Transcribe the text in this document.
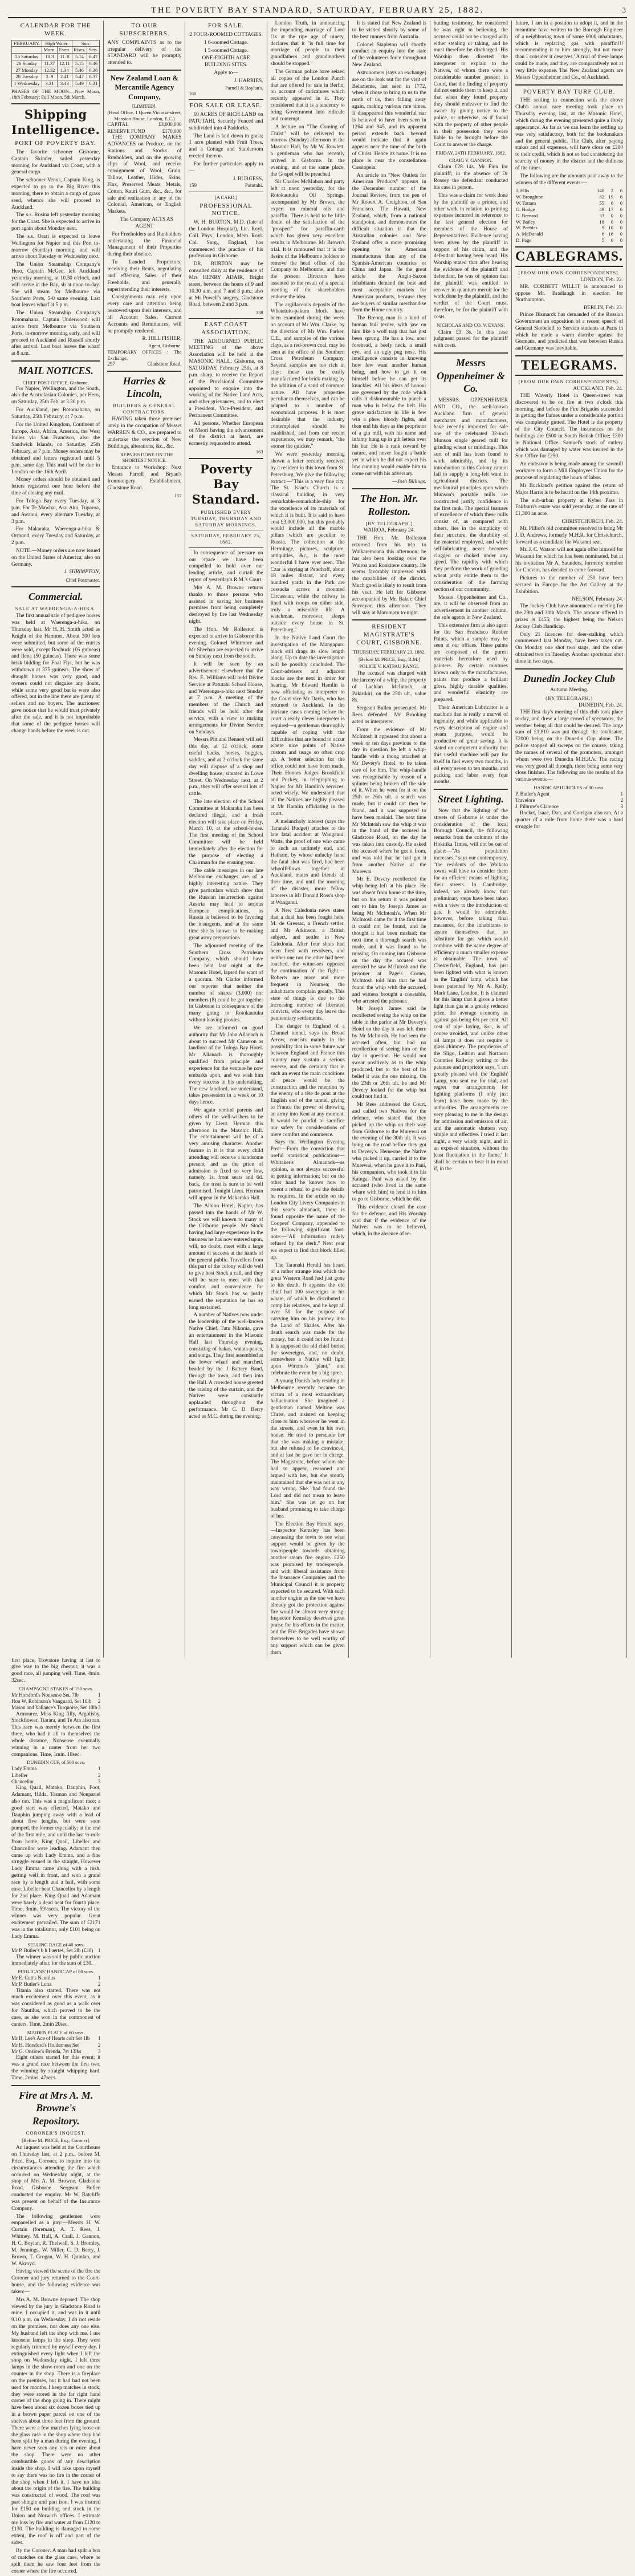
THE POVERTY BAY STANDARD, SATURDAY, FEBRUARY 25, 1882.	3
CALENDAR FOR THE WEEK.
FEBRUARY.	High Water.		Sun.	
	Morn.	Even.	Rises.	Sets.
25 Saturday	10.3	11. 0	5.14	6.47
26 Sunday	11.37	12.11	5.15	6.46
27 Monday	12.32	1.34	5.46	6.38
28 Tuesday	2. 9	2.41	5.47	6.37
1 Wednesday	3.31	3.43	5.49	6.31

PHASES OF THE MOON.—New Moon, 18th February; Full Moon, 5th March.

Shipping Intelligence.
PORT OF POVERTY BAY.

The favorite schooner Gisborne, Captain Skinner, sailed yesterday morning for Auckland via Coast, with a general cargo.

The schooner Venus, Captain King, is expected to go to the Big River this morning, there to obtain a cargo of grass seed, whence she will proceed to Auckland.

The s.s. Rosina left yesterday morning for the Coast. She is expected to arrive in port again about Monday next.

The s.s. Orari is expected to leave Wellington for Napier and this Port to-morrow (Sunday) morning, and will arrive about Tuesday or Wednesday next.

The Union Steamship Company's Hero, Captain McGee, left Auckland yesterday morning, at 10.30 o'clock, and will arrive in the Bay, sh at noon to-day. She will steam for Melbourne via Southern Ports, 5-0 same evening. Last boat leaves wharf at 5 p.m.

The Union Steamship Company's Rotomahana, Captain Underwood, will arrive from Melbourne via Southern Ports, to-morrow morning early, and will proceed to Auckland and Russell shortly after arrival. Last boat leaves the wharf at 8 a.m.

MAIL NOTICES.
CHIEF POST OFFICE, Gisborne.

For Napier, Wellington, and the South, also the Australasian Colonies, per Hero, on Saturday, 25th Feb, at 3.30 p.m.

For Auckland, per Rotomahana, on Saturday, 25th February, at 7 p.m.

For the United Kingdom, Continent of Europe, Asia, Africa, America, the West Indies via San Francisco, also the Sandwich Islands, on Saturday, 25th February, at 7 p.m. Money orders may be obtained and letters registered until 5 p.m. same day. This mail will be due in London on the 16th April.

Money orders should be obtained and letters registered one hour before the time of closing any mail.

For Tologa Bay every Tuesday, at 3 p.m. For Te Mawhai, Aku Aku, Tuparoa, and Awanui, every alternate Tuesday, at 3 p.m.

For Makaraka, Waerenga-a-hika & Ormond, every Tuesday and Saturday, at 2 p.m.

NOTE.—Money orders are now issued on the United States of America; also on Germany.

J. SHRIMPTON,
Chief Postmaster.
Commercial.
SALE AT WAERENGA-A-HIKA.

The first annual sale of pedigree horses was held at Waerenga-a-hika, on Thursday last. Mr H. H. Smith acted as Knight of the Hammer. About 300 lots were submitted, but some of the entries were sold, except Rochuck (£6 guineas) and Ilena (50 guineas). There was some brisk bidding for Foal Flyt, but he was withdrawn at 375 guineas. The show of draught horses was very good, and owners could not disguise any doubt, while some very good backs were also offered, but in the line there are plenty of sellers and no buyers. The auctioneer gave notice that he would trust privately after the sale, and it is not improbable that some of the pedigree horses will change hands before the week is out.

TO OUR SUBSCRIBERS.

ANY COMPLAINTS as to the irregular delivery of the STANDARD will be promptly attended to.

New Zealand Loan & Mercantile Agency Company,
[LIMITED].
(Head Office, 1 Queen Victoria-street, Mansion House, London, E.C.)
CAPITAL	£3,000,000
RESERVE FUND	£170,000

THE COMPANY MAKES ADVANCES on Produce, on the Stations and Stocks of Runholders, and on the growing clips of Wool, and receive consignment of Wool, Grain, Tallow, Leather, Hides, Skins, Flax, Preserved Meats, Metals, Cotton, Kauri Gum, &c., &c., for sale and realization in any of the Colonial, American, or English Markets.

The Company ACTS AS AGENT

For Freeholders and Runholders undertaking the Financial Management of their Properties during their absence.

To Landed Proprietors, receiving their Rents, negotiating and effecting Sales of their Freeholds, and generally superintending their interests.

Consignments may rely upon every care and attention being bestowed upon their interests, and all Account Sales, Current Accounts and Remittances, will be promptly rendered.

R. HILL FISHER,
Agent, Gisborne.
TEMPORARY OFFICES : The Exchange,
297	Gladstone Road.
Harries & Lincoln,
BUILDERS & GENERAL CONTRACTORS.

HAVING taken those premises lately in the occupation of Messrs WARREN & CO., are prepared to undertake the erection of New Buildings, alterations, &c., &c.

REPAIRS DONE ON THE SHORTEST NOTICE.

Entrance to Workshop: Next Messrs Farrell and Bryan's Ironmongery Establishment, Gladstone Road.

157
FOR SALE.

2 FOUR-ROOMED COTTAGES.

1 6-roomed Cottage.

1 5-roomed Cottage.

ONE-EIGHTH ACRE BUILDING SITES.

Apply to—

J. HARRIES,
Parnell & Boylan's.
160
FOR SALE OR LEASE.

10 ACRES OF RICH LAND on PATUTAHI, Securely Fenced and subdivided into 4 Paddocks.

The Land is laid down in grass; 1 acre planted with Fruit Trees, and a Cottage and Stableroom erected thereon.

For further particulars apply to—

J. BURGESS,
159	Patutahi.
[A CARD.]
PROFESSIONAL NOTICE.

W. H. BURTON, M.D. (late of the London Hospital), Lic. Royl. Coll. Phys., London; Mem. Royl. Col. Surg., England, has commenced the practice of his profession in Gisborne.

DR. BURTON may be consulted daily at the residence of Mrs HENRY ADAIR, Bright street, between the hours of 9 and 10.30 a.m. and 7 and 8 p.m.; also at Mr Powell's surgery, Gladstone Road, between 2 and 3 p.m.

138
EAST COAST ASSOCIATION.

THE ADJOURNED PUBLIC MEETING of the above Association will be held at the MASONIC HALL, Gisborne, on SATURDAY, February 25th, at 8 p.m. sharp, to receive the Report of the Provisional Committee appointed to enquire into the working of the Native Land Acts, and other grievances, and to elect a President, Vice-President, and Permanent Committee.

All persons, Whether European or Maori having the advancement of the district at heart, are earnestly requested to attend.

163
Poverty Bay Standard.
PUBLISHED EVERY TUESDAY, THURSDAY AND SATURDAY MORNINGS.
SATURDAY, FEBRUARY 25, 1882.

In consequence of pressure on our space we have been compelled to hold over our leading article, and curtail the report of yesterday's R.M.'s Court.

Mrs A. M. Browne returns thanks to those persons who assisted in saving her business premises from being completely destroyed by fire last Wednesday night.

The Hon. Mr Rolleston is expected to arrive in Gisborne this evening. Colonel Whitmore and Mr Sheehan are expected to arrive on Sunday next from the south.

It will be seen by an advertisement elsewhere that the Rev. E. Williams will hold Divine Service at Patutahi School House, and Waerenga-a-hika next Sunday at 7 p.m. A meeting of the members of the Church and friends will be held after the service, with a view to making arrangements for Divine Service on Sundays.

Messrs Pitt and Bennett will sell this day, at 12 o'clock, some useful hacks, horses, buggies, saddles, and at 2 o'clock the same day will dispose of a shop and dwelling house, situated in Lowe Street. On Wednesday next, at 2 p.m., they will offer several lots of cattle.

The late election of the School Committee at Makaraka has been declared illegal, and a fresh election will take place on Friday, March 10, at the school-house. The first meeting of the School Committee will be held immediately after the election for the purpose of electing a Chairman for the ensuing year.

The cable messages in our late Melbourne exchanges are of a highly interesting nature. They give particulars which show that the Russian insurrection against Austria may lead to serious European complications, as Russia is believed to be favoring the insurgents, and at the same time she is known to be making great army preparations.

The adjourned meeting of the Southern Cross Petroleum Company, which should have been held last night at the Masonic Hotel, lapsed for want of a quorum. Mr Clarke informed our reporter that neither the number of shares (3,000) nor members (8) could be got together in Gisborne in consequence of the many going to Rotokautuku without leaving proxies.

We are informed on good authority that Mr John Allanach is about to succeed Mr Cameron as landlord of the Tologa Bay Hotel. Mr Allanach is thoroughly qualified from principle and experience for the venture he now embarks upon, and we wish him every success in his undertaking. The new landlord, we understand, takes possession in a week or 10 days hence.

We again remind parents and others of the well-wishers to be given by Lieut. Herman this afternoon in the Masonic Hall. The entertainment will be of a very amusing character. Another feature in it is that every child attending will receive a handsome present, and as the price of admission is fixed so very low, namely, 1s. front seats and 6d. back, the treat is sure to be well patronised. Tonight Lieut. Herman will appear in the Makaraka Hall.

The Albion Hotel, Napier, has passed into the hands of Mr W. Stock we will known to many of the Gisborne people. Mr Stock having had large experience in the business he has now entered upon, will, no doubt, meet with a large amount of success at the hands of the general public. Travellers from this part of the colony will do well to give host Stock a call, and they will be sure to meet with that comfort and convenience for which Mr Stock has so justly earned the reputation he has so long sustained.

A number of Natives now under the leadership of the well-known Native Chief, Tutu Nikonia, gave an entertainment in the Masonic Hall last Thursday evening, consisting of hakas, waiata-paoes, and songs. They first assembled at the lower wharf and marched, headed by the J Battery Band, through the town, and then into the Hall. A crowded house greeted the raising of the curtain, and the Natives were constantly applauded throughout the performance. Mr C. D. Berry acted as M.C. during the evening.

London Truth, in announcing the impending marriage of Lord Ox at the ripe age of ninety, declares that it "is full time for marriage of people to their grandfathers and grandmothers should be stopped."

The German police have seized all copies of the London Punch that are offered for sale in Berlin, on account of caricatures which recently appeared in it. They considered that it is a tendency to bring Government into ridicule and contempt.

A lecture on "The Coming of Christ" will be delivered to-morrow (Sunday) afternoon in the Masonic Hall, by Mr W. Rowlett, a gentleman who has recently arrived in Gisborne. In the evening, and at the same place, the Gospel will be preached.

Sir Charles McMahon and party left at noon yesterday, for the Rotokautuku Oil Springs, accompanied by Mr Brown, the expert on mineral oils and paraffin. There is held to be little doubt of the satisfaction of the "prospect" for paraffin-earth which has given very excellent results in Melbourne. Mr Brown's trial. It is rumoured that it is the desire of the Melbourne holders to remove the head office of the Company to Melbourne, and that the present Directors have assented to the result of a special meeting of the shareholders endorse the idea.

The argillaceous deposits of the Whatatutu-pakura block have been examined during the week on account of Mr Wm. Clarke, by the direction of Mr Wm. Parker, C.E., and samples of the various clays, as a red-brown coal, may be seen at the office of the Southern Cross Petroleum Company. Several samples are too rich in clay; these can be easily manufactured for brick-making by the addition of a sand of common nature. All have properties peculiar to themselves, and can be adapted to a number of economical purposes. It is most desirable that the industry contemplated should be established, and from our recent experience, we may remark, "the sooner the quicker."

We were yesterday morning shown a letter recently received by a resident in this town from St. Petersburg. We give the following extract:—"This is a very fine city. The St. Isaac's Church is a classical building in very remarkable-remarkable-ship for the excellence of its materials of which it is built. It is said to have cost £3,000,000, but this probably would include all the marble pillars which are peculiar to Russia. The collection at the Hermitage, pictures, sculpture, antiquities, &c., is the most wonderful I have ever seen. The Czar is staying at Peterhoff, about 18 miles distant, and every hundred yards in the Park are cossacks across a mounted Circassian, while the railway is lined with troops on either side, truly a miserable life. A watchman, moreover, sleeps outside every house in St. Petersburg."

In the Native Land Court the investigation of the Mangapuru block still drags its slow length along. Up to date the investigation will be possibly concluded. The Court-advisers and adjacent blocks are the next in order for hearing. Mr Edward Hamlin is now officiating as interpreter to the Court vice Mr Davis, who has returned to Auckland. In the intricate cases coming before the court a really clever interpreter is required—a gentleman thoroughly capable of coping with the difficulties that are bound to occur where nice points of Native custom and usage so often crop up. A better selection for the office could not have been made. Their Honors Judges Brookfield and Puckey, in telegraphing to Napier for Mr Hamlin's services, acted wisely. We understand that all the Natives are highly pleased at Mr Hamlin officiating in the court.

A melancholy interest (says the Taranaki Budget) attaches to the late fatal accident at Wanganui. Watts, the proof of one who came to such an untimely end, and Hatham, by whose unlucky hand the fatal shot was fired, had been schoolfellows together in Auckland, mates and friends all their time, and until the morning of the disaster, more fellow laborers in Mr Donald Ross's shop at Wanganui.

A New Caledonia news states that a duel has been fought here. M. de Gressac, a French settler, and Mr Atkinson, a British subject, and settler in New Caledonia. After four shots had been fired with revolvers, and neither one nor the other had been touched, the witnesses opposed the continuation of the fight.—Roberts are more and more frequent in Noumea; the inhabitants complain greatly. This state of things is due to the increasing number of liberated convicts, who every day leave the penitentiary settlements.

The danger to England of a Channel tunnel, says the Broad Arrow, consists mainly in the possibility that in some future war between England and France this country may sustain a serious reverse, and the certainty that in such an event the main conditions of peace would be the construction and the retention by the enemy of a tête de pont at the English end of the tunnel, giving to France the power of throwing an army into Kent at any moment. It would be painful to sacrifice our safety for considerations of mere comfort and commerce.

Says the Wellington Evening Post:—From the conviction that useful statistical publications—Whitaker's Almanack—as opinion, is not always successful in getting information; but on the other hand he knows how to resent a refusal to give the details he requires. In the article on the London City Livery Companies in this year's almanack, there is found opposite the name of the Coopers' Company, appended to the following significant foot-note:—"All information rudely refused by the clerk." Next year we expect to find that block filled up.

The Taranaki Herald has heard of a rather strange idea which the great Western Road had just gone to his death. It appears the old chief had 100 sovereigns in his whare, of which he distributed a comp his relatives, and he kept all over 50 for the purpose of carrying him on his journey into the Land of Shades. After his death search was made for the money, but it could not be found. It is supposed the old chief buried the sovereigns, and, no doubt, somewhere a Native will light upon Wiremu's "plant," and celebrate the event by a big spree.

A young Danish lady residing in Melbourne recently became the victim of a most extraordinary hallucination. She imagined a gentleman named Meltroe was Christ, and insisted on keeping close to him wherever he went in the streets, and even in his own house. He tried to persuade her that she was making a mistake, but she refused to be convinced, and at last he gave her in charge. The Magistrate, before whom she had to appear, reasoned and argued with her, but she stoutly maintained that she was not in any way wrong. She "had found the Lord and did not mean to leave him." She was let go on her husband promising to take charge of her.

The Election Bay Herald says:—Inspector Kemsley has been canvassing the town to see what support would be given by the townspeople towards obtaining another steam fire engine. £250 was promised by tradespeople, and with liberal assistance from the Insurance Companies and the Municipal Council it is properly expected to be secured. With such another engine as the one we have already got the protection against fire would be almost very strong. Inspector Kemsley deserves great praise for his efforts in the matter, and the Fire Brigades have shown themselves to be well worthy of any support which can be given them.

It is stated that New Zealand is to be visited shortly by some of the best runners from Australia.

Colonel Stapleton will shortly conduct an enquiry into the state of the volunteers force throughout New Zealand.

Astronomers (says an exchange) are on the look out for the visit of Belazieme, last seen in 1772, when it chose to bring to us to the north of us, then falling away again, making various rare times. If disappeared this wonderful star is believed to have been seen in 1264 and 945, and its apparent period extends back beyond would indicate that it again appears near the time of the birth of Christ. Hence its name. It is no place is near the constellation Cassiopeia.

An article on "New Outlets for American Products" appears in the December number of the Journal Review, from the pen of Mr Robert A. Creighton, of San Francisco. The Hawaii, New Zealand, which, from a national standpoint, and demonstrates the difficult situation is that the Australian colonies and New Zealand offer a more promising opening for American manufactures than any of the Spanish-American countries or China and Japan. He the great article the Anglo-Saxon inhabitants demand the best and most acceptable markets for American products, because they are buyers of similar merchandise from the Home country.

The Breong man is a kind of human bull terrier, with jaw on him like a wolf trap that has just been sprung. He has a low, sour forehead, a beefy neck, a small eye, and an ugly pug nose. His intelligence consists in knowing how few want another human being, and how to get it on himself before he can get its knuckles. All his ideas of honour are governed by the code which calls it dishonourable to punch a man who is below the belt. His grave satisfaction in life is few win a phew bloody fights, and then end his days as the proprietor of a gin mill, with his name and infamy hung up in gilt letters over his bar. He is a rank coward by nature, and never fought a battle yet in which he did not expect his low cunning would enable him to come out with his adversary.

—Josh Billings.
The Hon. Mr. Rolleston.
[BY TELEGRAPH.]
WAIROA, February 24.

THE Hon. Mr. Rolleston returned from his trip to Waikaremoana this afternoon; he has also been looking over the Wairoa and Ronkitere country. He seems favorably impressed with the capabilities of the district. Much good is likely to result from his visit. He left for Gisborne accompanied by Mr. Baker, Chief Surveyor, this afternoon. They will stay at Marumaru to-night.

RESIDENT MAGISTRATE'S COURT, GISBORNE.
THURSDAY, FEBRUARY 23, 1882.
[Before M. PRICE, Esq., R.M.]
POLICE V. KATPAU RANGI.

The accused was charged with the larceny of a whip, the property of Lachlan McIntosh, at Pakirikiri, on the 25th ult., value 8s.

Sergeant Bullen prosecuted. Mr Rees defended. Mr Brooking acted as interpreter.

From the evidence of Mr McIntosh it appeared that about a week or ten days previous to the day in question he left a whip-handle with a thong attached at Mr Devery's Hotel, to be taken care of for him. The whip-handle was recognisable by reason of a splinter being broken off the side of it. When he went for it on the 25th or 26th ult. a search was made, but it could not then be found, and it was supposed to have been mislaid. The next time Mr McIntosh saw the whip it was in the hand of the accused in Gladstone Road, on the day he was taken into custody. He asked the accused where he got it from, and was told that he had got it from another Native at the Murewai.

Mr E. Devery recollected the whip being left at his place. He was absent from home at the time, but on his return it was pointed out to him by Joseph James as being Mr McIntosh's. When Mr McIntosh came for it the first time it could not be found, and he thought it had been mislaid; the next time a thorough search was made, and it was found to be missing. On coming into Gisborne on the day the accused was arrested he saw McIntosh and the prisoner at Page's Corner. McIntosh told him that he had found the whip with the accused, and witness brought a constable, who arrested the prisoner.

Mr Joseph James said he recollected seeing the whip on the table in the parlor at Mr Devery's Hotel on the day it was left there by Mr McIntosh. He had seen the accused often, but had no recollection of seeing him on the day in question. He would not swear positively as to the whip produced, but to the best of his belief it was the one missing. On the 23th or 26th ult. he and Mr Devery looked for the whip but could not find it.

Mr Rees addressed the Court, and called two Natives for the defence, who stated that they picked up the whip on their way from Gisborne to the Murewai on the evening of the 30th ult. It was lying on the road before they got to Devery's. Hemeone, the Native who picked it up, carried it to the Murewai, when he gave it to Pani, his companion, who took it to his Kainga. Pani was asked by the accused (who lived in the same whare with him) to lend it to him to go to Gisborne, which he did.

This evidence closed the case for the defence, and His Worship said that if the evidence of the Natives was to be believed, which, in the absence of re-

butting testimony, he considered he was right in believing, the accused could not be charged with either stealing or taking, and he must therefore be discharged. His Worship then directed the interpreter to explain to the Natives, of whom there were a considerable number present in Court, that the finding of property did not entitle them to keep it, and that when they found property they should endeavor to find the owner by giving notice to the police, or otherwise, as if found with the property of other people in their possession they were liable to be brought before the Court to answer the charge.

FRIDAY, 24TH FEBRUARY, 1882.
CRAIG V. GANNON.

Claim £28 14s. Mr Finn for plaintiff; in the absence of Dr Rossey the defendant conducted his case in person.

This was a claim for work done by the plaintiff as a printer, and other work in relation to printing expenses incurred in reference to the last general election for members of the House of Representatives. Evidence having been given by the plaintiff in support of his claim, and the defendant having been heard, His Worship stated that after hearing the evidence of the plaintiff and defendant, he was of opinion that the plaintiff was entitled to recover in quantum meruit for the work done by the plaintiff, and the verdict of the Court must, therefore, be for the plaintiff with costs.

NICHOLAS AND CO. V. EVANS.

Claim £3 3s. In this case judgment passed for the plaintiff with costs.

Messrs Oppenheimer & Co.

MESSRS. OPPENHEIMER AND CO., the well-known Auckland firm of general merchants and manufacturers, have recently imported for sale one of the celebrated 32-inch Munson single geared mill for grinding wheat or middlings. This sort of mill has been found to work admirably, and by its introduction to this Colony cannot fail to supply a long-felt want in agricultural districts. The mechanical principles upon which Munson's portable mills are constructed justify confidence in the first rank. The special features of excellence of which these mills consist of, as compared with others, lies in the simplicity of their structure, the durability of the material employed, and while self-lubricating, never becomes clogged or choked under any speed. The rapidity with which they perform the work of grinding wheat justly entitle them to the consideration of the farming section of our community.

Messrs. Oppenheimer and Co., are, it will be observed from an advertisement in another column, the sole agents in New Zealand.

This extensive firm is also agent for the San Francisco Rubber Paints, which a sample may be seen at our offices. These paints are composed of the purest materials heretofore used by painters. By certain mixtures known only to the manufacturers, paints that produce a brilliant gloss, highly durable qualities, and wonderful elasticity are prepared.

Their American Lubricator is a machine that is really a marvel of ingenuity, and while applicable to every description of engine and steam purpose, would be productive of great saving. It is stated on competent authority that this useful machine will pay for itself in fuel every two months, in oil every seven to ten months, and packing and labor every four months.

Street Lighting.

Now that the lighting of the streets of Gisborne is under the consideration of the local Borough Council, the following remarks from the columns of the Hokitika Times, will not be out of place:—"As population increases," says our contemporary, "the residents of the Waikato towns will have to consider them for an efficient means of lighting their streets. In Cambridge, indeed, we already know that preliminary steps have been taken with a view to the introduction of gas. It would be admirable, however, before taking final measures, for the inhabitants to assure themselves that no substitute for gas which would combine with the same degree of efficiency a much smaller expense is obtainable. The town of Chesterfield, England, has just been lighted with what is known as the 'English' lamp, which has been patented by Mr A. Kelly, Mark Lane, London. It is claimed for this lamp that it gives a better light than gas at a greatly reduced price, the average economy as against gas being 6¼ per cent. All cost of pipe laying, &c., is of course avoided, and unlike other oil lamps it does not require a glass chimney. The proprietors of the Sligo, Leitrim and Northern Counties Railway writing to the patentee and proprietor says, 'I am greatly pleased with the 'English' Lamp, you sent me for trial, and regret our arrangements for lighting platforms (I only just learn) have been made by the authorities. The arrangements are very pleasing to me in the design for admission and emission of air, and the automatic shutters very simple and effective. I tried it last night, a very windy night, and in an exposed situation, without the least fluctuation in the flame.' It shall be certain to bear it in mind if, in the

future, I am in a position to adopt it, and in the meantime have written to the Borough Engineer of a neighboring town of some 6000 inhabitants, which is replacing gas with paraffin!!! recommending it to him strongly, but not more than I consider it deserves.' A trial of these lamps could be made, and they are comparatively not at very little expense. The New Zealand agents are Messrs Oppenheimer and Co., of Auckland.

POVERTY BAY TURF CLUB.

THE settling in connection with the above Club's annual race meeting took place on Thursday evening last, at the Masonic Hotel, which during the evening presented quite a lively appearance. As far as we can learn the settling up was very satisfactory, both for the bookmakers and the general public. The Club, after paying stakes and all expenses, will have close on £300 to their credit, which is not so bad considering the scarcity of money in the district and the dullness of the times.

The following are the amounts paid away to the winners of the different events:—

J. Ellis	140	2	6
W. Broughton	82	19	6
W. Tattam	55	0	0
G. Hodge	49	17	6
G. Bernard	33	0	0
W. Bailey	18	0	0
W. Peebles	9	10	0
A. McDonald	6	16	0
D. Page	5	6	0
CABLEGRAMS.
[FROM OUR OWN CORRESPONDENTS].
LONDON, Feb. 22.

MR. CORBETT WILLIT is announced to oppose Mr. Bradlaugh in election for Northampton.

BERLIN, Feb. 23.

Prince Bismarck has demanded of the Russian Government an exposition of a recent speech of General Skobeleff to Servian students at Paris in which he made a warm diatribe against the Germans, and predicted that war between Russia and Germany was inevitable.

TELEGRAMS.
(FROM OUR OWN CORRESPONDENTS).
AUCKLAND, Feb. 24.

THE Waverly Hotel in Queen-street was discovered to be on fire at two o'clock this morning, and before the Fire Brigades succeeded in getting the flames under a considerable portion was completely gutted. The Hotel is the property of the City Council. The insurances on the buildings are £500 in South British Office; £300 in National Office. Samuel's stock of cutlery which was damaged by water was insured in the Sun Office for £250.

An endeavor is being made among the sawmill workmen to form a Mill Employees Union for the purpose of regulating the hours of labor.

Mr Buckland's petition against the return of Major Harris is to be heard on the 14th proximo.

The sub-urban property at Kyber Pass in Fairburn's estate was sold yesterday, at the rate of £1,300 an acre.

CHRISTCHURCH, Feb. 24.

Mr. Pilliot's old committee resolved to bring Mr J. D. Andrews, formerly M.H.R. for Christchurch, forward as a candidate for Wakanui seat.

Mr. J. C. Watson will not again offer himself for Wakanui for which he has been nominated, but at his invitation Mr A. Saunders, formerly member for Cheviot, has decided to come forward.

Pictures to the number of 250 have been secured in Europe for the Art Gallery at the Exhibition.

NELSON, February 24.

The Jockey Club have announced a meeting for the 29th and 30th March. The amount offered in prizes is £455; the highest being the Nelson Jockey Club Handicap.

Only 21 licences for deer-stalking which commenced last Monday, have been taken out. On Monday one shot two stags, and the other obtained two on Tuesday. Another sportsman shot three in two days.

Dunedin Jockey Club
Autumn Meeting.
(BY TELEGRAPH.)
DUNEDIN, Feb. 24.

THE first day's meeting of this club took place to-day, and drew a large crowd of spectators, the weather being all that could be desired. The large sum of £1,810 was put through the totalisator, £2000 being on the Dunedin Cup alone. The police stopped all sweeps on the course, taking the names of several of the promoters, amongst whom were two Dunedin M.H.R.'s. The racing was very good all through, there being some very close finishes. The following are the results of the various events:—

HANDICAP HURDLES of 80 sovs.
P. Butler's Agent	1
Travelore	2
J. Pilbrow's Clarence	3

Rocket, Isaac, Dan, and Corrigan also ran. At a quarter of a mile from home there was a hard struggle for

first place, Trovatore having at last to give way to the big chesnut; it was a good race, all jumping well. Time, 4min. 32sec.

CHAMPAGNE STAKES of 150 sovs.
Mr Horsford's Nonsense Set. 7lb	1
Hon W. Robinson's Vanguard, Set 10lb 2
Mason and Vallance's Turquoise, Set 10lb 3

Armourer, Miss King filly, Argolisby, Stockfiower, Tiarara, and Te Ata also ran. This race was merely between the first three, who had it all to themselves the whole distance, Nonsense eventually winning in a canter from her two companions. Time, 1min. 18sec.

DUNEDIN CUP, of 500 sovs.
Lady Emma	1
Libeller	2
Chancellor	3

King Quail, Matako, Dauphin, Foot, Adamant, Hilda, Tasman and Nonpariel also ran. This was a magnificent race; a good start was effected, Matako and Dauphin jumping away with a lead of about five lengths, but were soon pumped, the former especially; at the end of the first mile, and until the last ½-mile from home, King Quail, Libeller and Chancellor were leading. Adamant then came up with Lady Emma, and a fine struggle ensued in the straight. However Lady Emma came along with a rush, getting well in front, and won a grand race by a length and a half, with some ease. Libeller beat Chancellor by a length for 2nd place. King Quail and Adamant were barely a dead heat for fourth place. Time, 3min. 59½secs. The victory of the winner was very popular. Great excitement prevailed. The sum of £2171 was in the totalisator, only £101 being on Lady Emma.

SELLING RACE of 40 sovs.
Mr P. Butler's b h Laertes, Set 2lb (£30) 1

The winner was sold by public auction immediately after, for the sum of £30.

PUBLICANS' HANDICAP of 80 sovs.
Mr E. Cutt's Nautilus	1
Mr P. Butler's Luna	2

Titania also started. There was not much excitement over this event, as it was considered as good as a walk over for Nautilus, which proved to be the case, as she won in the commonest of canters. Time, 2min 20sec.

MAIDEN PLATE of 60 sovs.
Mr B. Lee's Ace of Hearts colt Set 1lb 1
Mr H. Horsford's Holderness Set	2
Mr G. Onslow's Brenda, 7st 13lbs	3

Eight others started for this event; it was a grand race between the first two, the winning by straight whipping hard. Time, 2mins. 47secs.

Fire at Mrs A. M. Browne's Repository.
CORONER'S INQUEST.
[Before M. PRICE, Esq., Coroner].

An inquest was held at the Courthouse on Thursday last, at 2 p.m., before M. Price, Esq., Coroner, to inquire into the circumstances attending the fire which occurred on Wednesday night, at the shop of Mrs A. M. Browne, Gladstone Road, Gisborne. Sergeant Bullen conducted the enquiry. Mr W. Ratcliffe was present on behalf of the Insurance Company.

The following gentlemen were empanelled as a jury:—Messrs H. W. Curtain (foreman), A. T. Rees, J. Whitney, M. Hall, A. Crall, J. Gannon, H. C. Boylan, R. Thelwall, S. J. Bromley, M. Jennings, W. Miller, C. D. Berry, J. Brown, T. Grogan, W. H. Quinlan, and W. Akroyd.

Having viewed the scene of the fire the Coroner and jury returned to the Court-house, and the following evidence was taken:—

Mrs A. M. Browne deposed: The shop viewed by the jury in Gladstone Road is mine. I occupied it, and was in it until 9.10 p.m. on Wednesday. I do not reside on the premises, nor does any one else. My husband left the shop with me. I use kerosene lamps in the shop. They were regularly trimmed by myself every day. I extinguished every light when I left the shop on Wednesday night. I left three lamps in the show-room and one on the counter in the shop. There is a fireplace on the premises, but it had had not been used for months. I keep matches in stock; they were stored in the far right hand corner of the shop going in. There might have been about six dozen boxes tied up in a brown paper parcel on one of the shelves about three feet from the ground. There were a few matches lying loose on the glass case in the shop where they had been split by a man during the evening. I have never seen any rats or mice about the shop. There were no other combustible goods of any description inside the shop. I will take upon myself to say there was no fire in the corner of the shop when I left it. I have no idea about the origin of the fire. The building was constructed of wood. The roof was part shingle and part iron. I was insured for £150 on building and stock in the Union and Norwich offices. I estimate my loss by fire and water at from £120 to £130. The building is damaged to some extent, the roof is off and part of the sides.

By the Coroner: A man had spilt a box of matches on the glass case, where he spilt them he saw four feet from the corner where the fire occurred.
